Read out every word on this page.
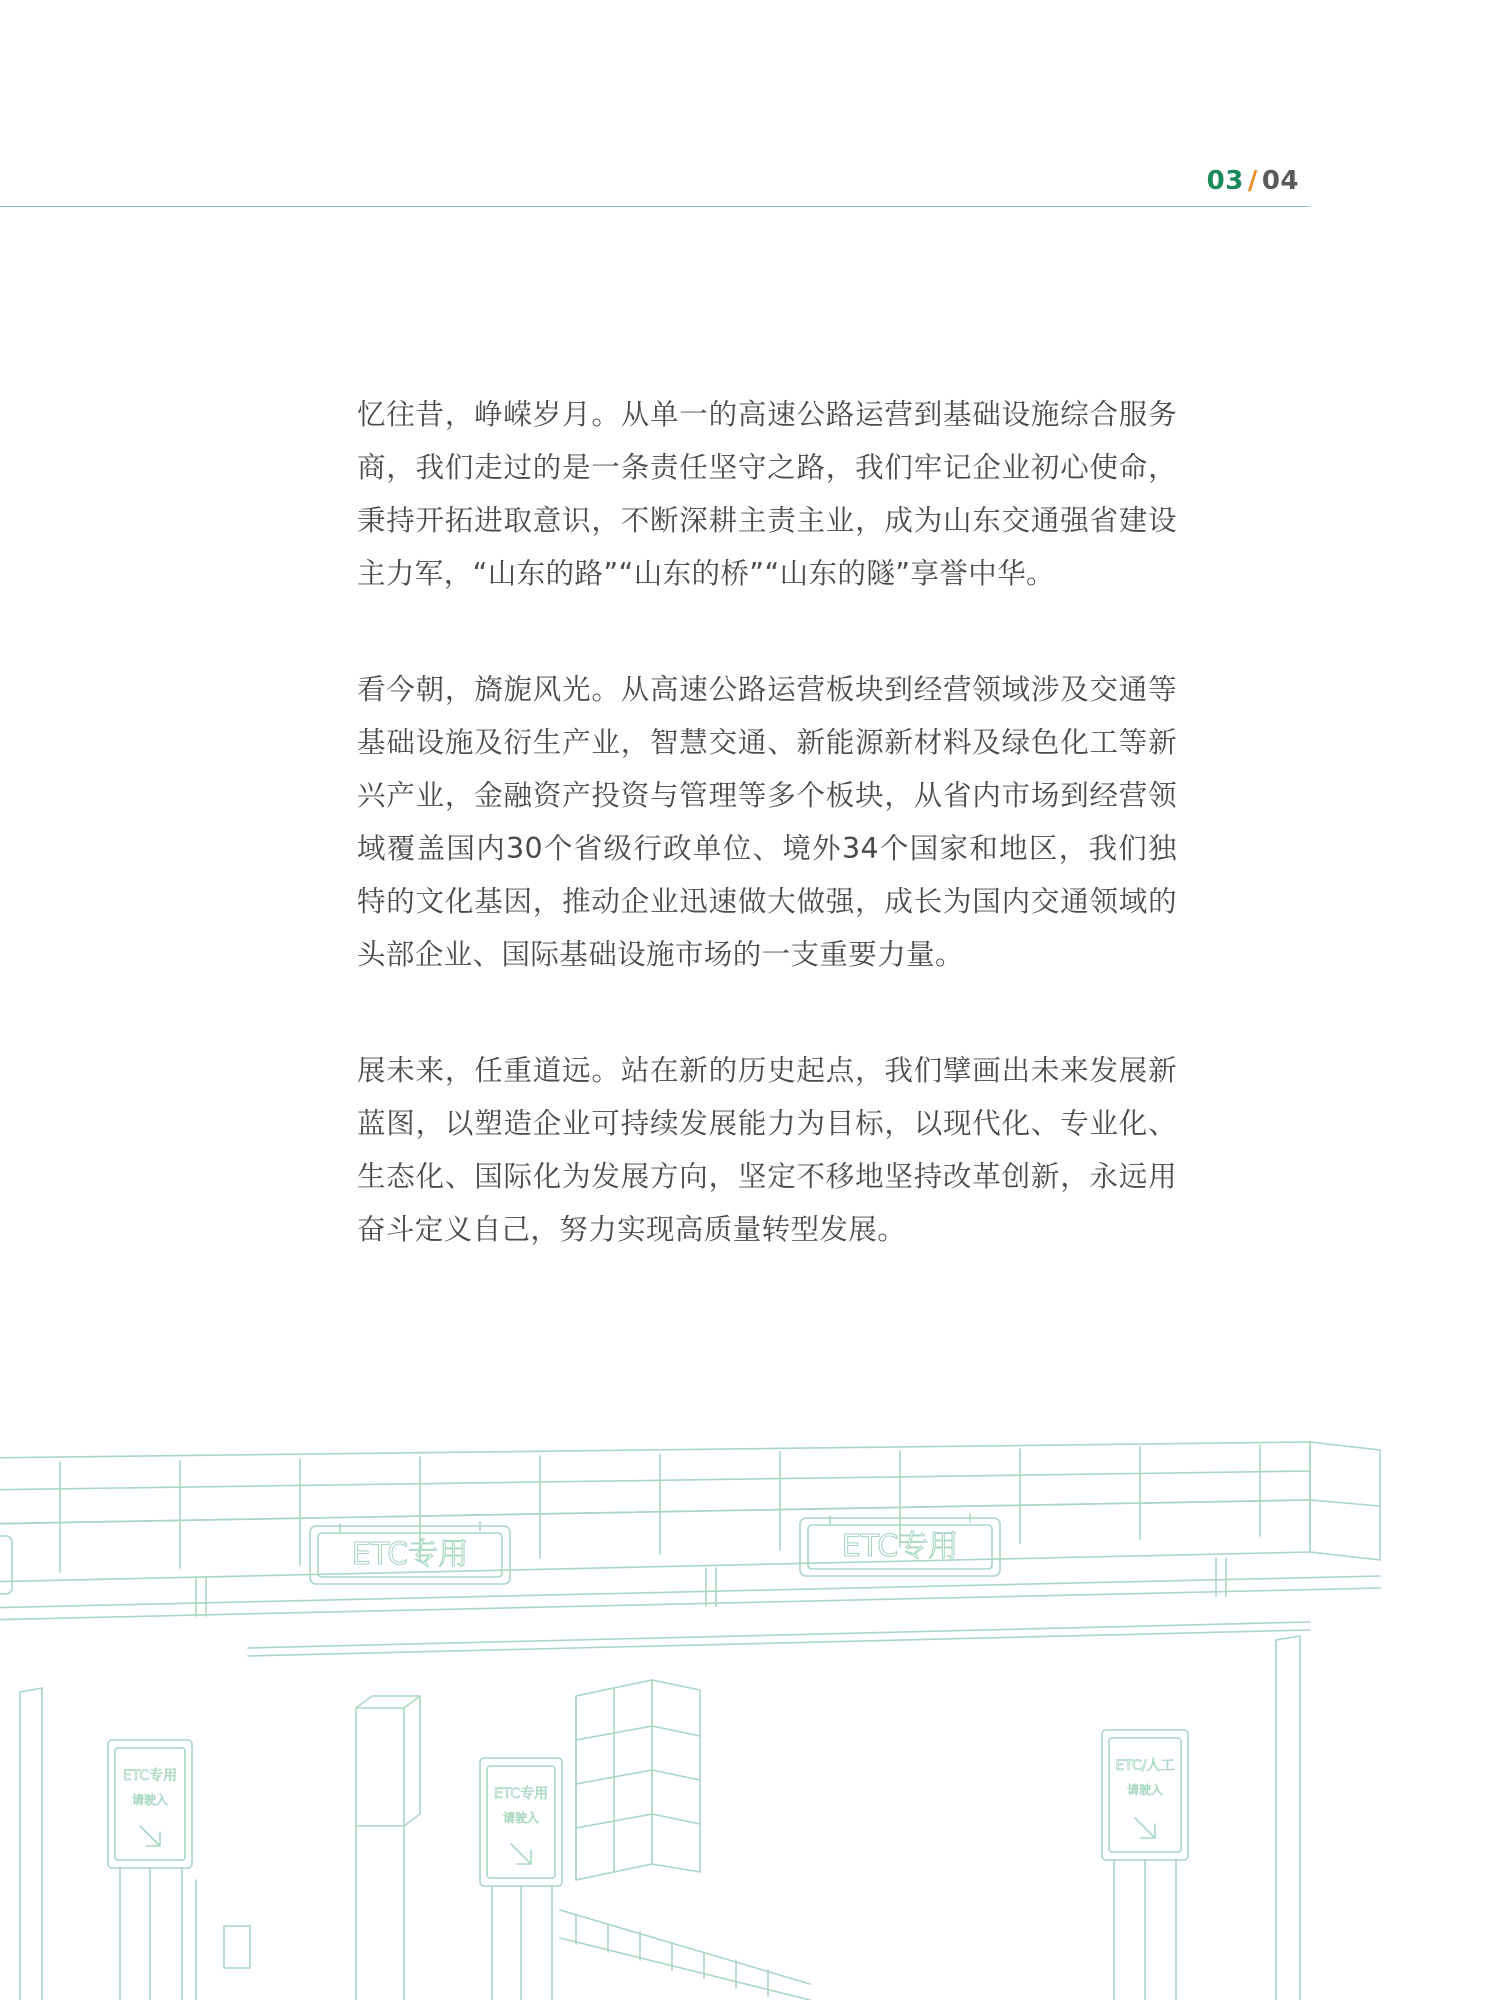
03 / 04

忆往昔，峥嵘岁月。从单一的高速公路运营到基础设施综合服务商，我们走过的是一条责任坚守之路，我们牢记企业初心使命，秉持开拓进取意识，不断深耕主责主业，成为山东交通强省建设主力军，“山东的路”“山东的桥”“山东的隧”享誉中华。

看今朝，旖旎风光。从高速公路运营板块到经营领域涉及交通等基础设施及衍生产业，智慧交通、新能源新材料及绿色化工等新兴产业，金融资产投资与管理等多个板块，从省内市场到经营领域覆盖国内30个省级行政单位、境外34个国家和地区，我们独特的文化基因，推动企业迅速做大做强，成长为国内交通领域的头部企业、国际基础设施市场的一支重要力量。

展未来，任重道远。站在新的历史起点，我们擘画出未来发展新蓝图，以塑造企业可持续发展能力为目标，以现代化、专业化、生态化、国际化为发展方向，坚定不移地坚持改革创新，永远用奋斗定义自己，努力实现高质量转型发展。

ETC专用	ETC专用
ETC专用
请驶入	ETC专用
请驶入
ETC/人工
请驶入
